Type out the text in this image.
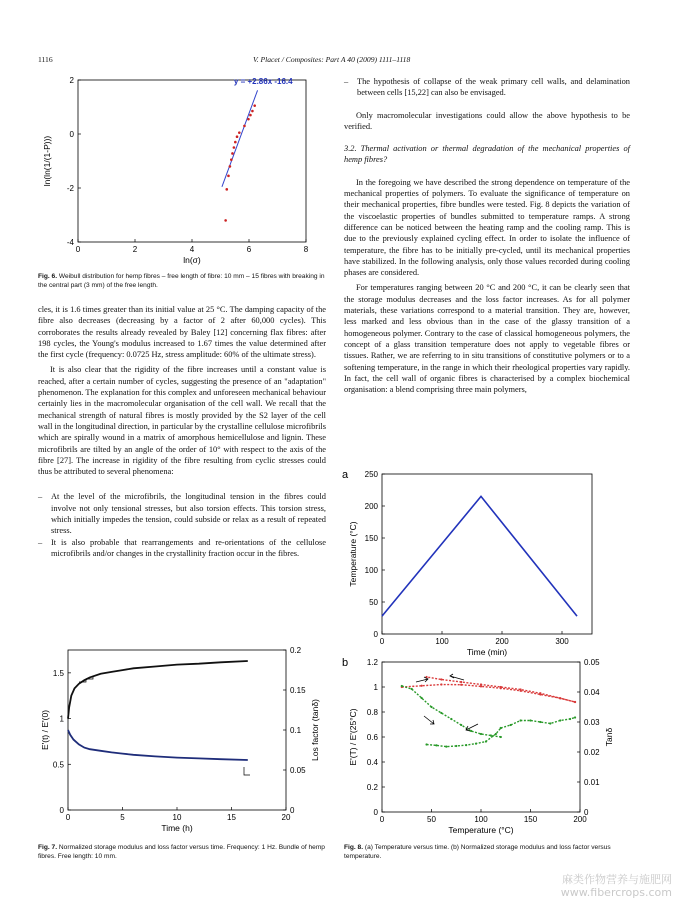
1116	V. Placet / Composites: Part A 40 (2009) 1111–1118
0	2	4	6	8
-4
-2
0
2
ln(σ)
ln(ln(1/(1-P)))
y = +2.86x -16.4
Fig. 6. Weibull distribution for hemp fibres – free length of fibre: 10 mm – 15 fibres with breaking in the central part (3 mm) of the free length.

cles, it is 1.6 times greater than its initial value at 25 °C. The damping capacity of the fibre also decreases (decreasing by a factor of 2 after 60,000 cycles). This corroborates the results already revealed by Baley [12] concerning flax fibres: after 198 cycles, the Young's modulus increased to 1.67 times the value determined after the first cycle (frequency: 0.0725 Hz, stress amplitude: 60% of the ultimate stress).

It is also clear that the rigidity of the fibre increases until a constant value is reached, after a certain number of cycles, suggesting the presence of an "adaptation" phenomenon. The explanation for this complex and unforeseen mechanical behaviour certainly lies in the macromolecular organisation of the cell wall. We recall that the mechanical strength of natural fibres is mostly provided by the S2 layer of the cell wall in the longitudinal direction, in particular by the crystalline cellulose microfibrils which are spirally wound in a matrix of amorphous hemicellulose and lignin. These microfibrils are tilted by an angle of the order of 10° with respect to the axis of the fibre [27]. The increase in rigidity of the fibre resulting from cyclic stresses could thus be attributed to several phenomena:

– At the level of the microfibrils, the longitudinal tension in the fibres could involve not only tensional stresses, but also torsion effects. This torsion stress, which initially impedes the tension, could subside or relax as a result of repeated stress.
– It is also probable that rearrangements and re-orientations of the cellulose microfibrils and/or changes in the crystallinity fraction occur in the fibres.
0	5	10	15	20
0
0.5
1
1.5
0
0.05
0.1
0.15
0.2
Time (h)
E'(t) / E'(0)	Los factor (tanδ)
Fig. 7. Normalized storage modulus and loss factor versus time. Frequency: 1 Hz. Bundle of hemp fibres. Free length: 10 mm.
– The hypothesis of collapse of the weak primary cell walls, and delamination between cells [15,22] can also be envisaged.

Only macromolecular investigations could allow the above hypothesis to be verified.

3.2. Thermal activation or thermal degradation of the mechanical properties of hemp fibres?

In the foregoing we have described the strong dependence on temperature of the mechanical properties of polymers. To evaluate the significance of temperature on their mechanical properties, fibre bundles were tested. Fig. 8 depicts the variation of the viscoelastic properties of bundles submitted to temperature ramps. A strong difference can be noticed between the heating ramp and the cooling ramp. This is due to the previously explained cycling effect. In order to isolate the influence of temperature, the fibre has to be initially pre-cycled, until its mechanical properties have stabilized. In the following analysis, only those values recorded during cooling phases are considered.

For temperatures ranging between 20 °C and 200 °C, it can be clearly seen that the storage modulus decreases and the loss factor increases. As for all polymer materials, these variations correspond to a material transition. They are, however, less marked and less obvious than in the case of the glassy transition of a homogeneous polymer. Contrary to the case of classical homogeneous polymers, the concept of a glass transition temperature does not apply to vegetable fibres or tissues. Rather, we are referring to in situ transitions of constitutive polymers or to a softening temperature, in the range in which their rheological properties vary rapidly. In fact, the cell wall of organic fibres is characterised by a complex biochemical organisation: a blend comprising three main polymers,

0	100	200	300
0
50
100
150
200
250
Time (min)
Temperature (°C)
a
0	50	100	150	200
0
0.2
0.4
0.6
0.8
1
1.2
0
0.01
0.02
0.03
0.04
0.05
Temperature (°C)
E'(T) / E'(25°C)	Tanδ
b
Fig. 8. (a) Temperature versus time. (b) Normalized storage modulus and loss factor versus temperature.
麻类作物营养与施肥网
www.fibercrops.com
